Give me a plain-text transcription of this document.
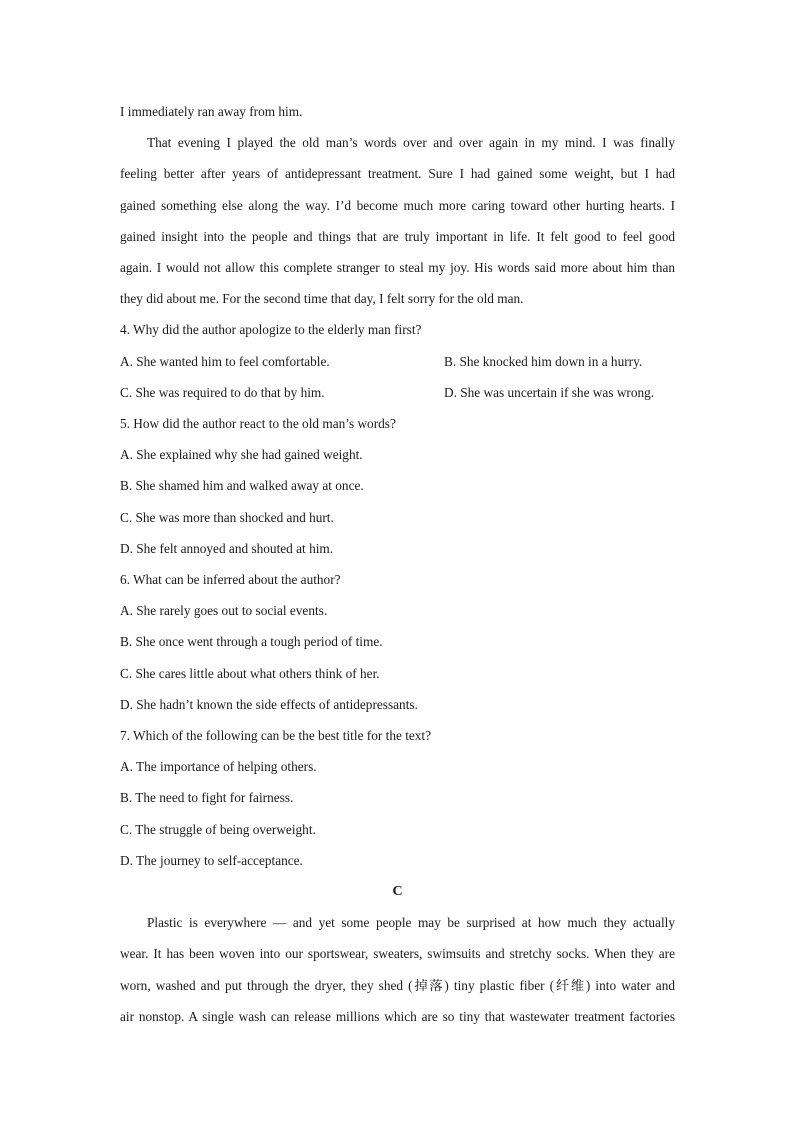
I immediately ran away from him.
That evening I played the old man’s words over and over again in my mind. I was finally
feeling better after years of antidepressant treatment. Sure I had gained some weight, but I had
gained something else along the way. I’d become much more caring toward other hurting hearts. I
gained insight into the people and things that are truly important in life. It felt good to feel good
again. I would not allow this complete stranger to steal my joy. His words said more about him than
they did about me. For the second time that day, I felt sorry for the old man.
4. Why did the author apologize to the elderly man first?
A. She wanted him to feel comfortable.	B. She knocked him down in a hurry.
C. She was required to do that by him.	D. She was uncertain if she was wrong.
5. How did the author react to the old man’s words?
A. She explained why she had gained weight.
B. She shamed him and walked away at once.
C. She was more than shocked and hurt.
D. She felt annoyed and shouted at him.
6. What can be inferred about the author?
A. She rarely goes out to social events.
B. She once went through a tough period of time.
C. She cares little about what others think of her.
D. She hadn’t known the side effects of antidepressants.
7. Which of the following can be the best title for the text?
A. The importance of helping others.
B. The need to fight for fairness.
C. The struggle of being overweight.
D. The journey to self-acceptance.
C
Plastic is everywhere — and yet some people may be surprised at how much they actually
wear. It has been woven into our sportswear, sweaters, swimsuits and stretchy socks. When they are
worn, washed and put through the dryer, they shed (掉落) tiny plastic fiber (纤维) into water and
air nonstop. A single wash can release millions which are so tiny that wastewater treatment factories
